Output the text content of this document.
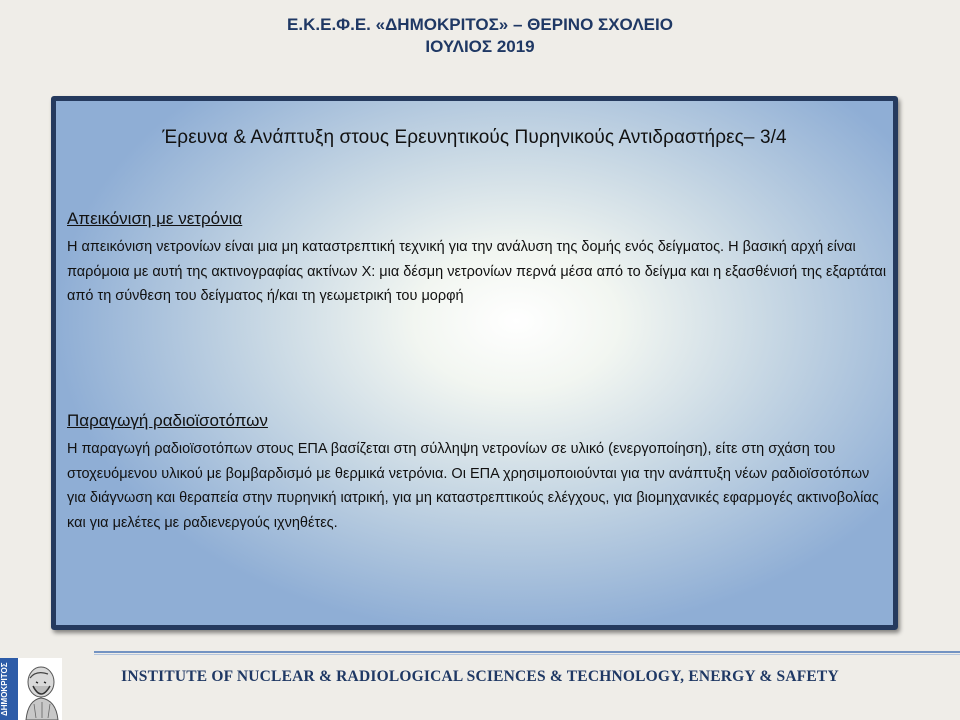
Ε.Κ.Ε.Φ.Ε. «ΔΗΜΟΚΡΙΤΟΣ» – ΘΕΡΙΝΟ ΣΧΟΛΕΙΟ
ΙΟΥΛΙΟΣ 2019
Έρευνα & Ανάπτυξη στους Ερευνητικούς Πυρηνικούς Αντιδραστήρες– 3/4
Απεικόνιση με νετρόνια

Η απεικόνιση νετρονίων είναι μια μη καταστρεπτική τεχνική για την ανάλυση της δομής ενός δείγματος. Η βασική αρχή είναι παρόμοια με αυτή της ακτινογραφίας ακτίνων Χ: μια δέσμη νετρονίων περνά μέσα από το δείγμα και η εξασθένισή της εξαρτάται από τη σύνθεση του δείγματος ή/και τη γεωμετρική του μορφή

Παραγωγή ραδιοϊσοτόπων

Η παραγωγή ραδιοϊσοτόπων στους ΕΠΑ βασίζεται στη σύλληψη νετρονίων σε υλικό (ενεργοποίηση), είτε στη σχάση του στοχευόμενου υλικού με βομβαρδισμό με θερμικά νετρόνια. Οι ΕΠΑ χρησιμοποιούνται για την ανάπτυξη νέων ραδιοϊσοτόπων για διάγνωση και θεραπεία στην πυρηνική ιατρική, για μη καταστρεπτικούς ελέγχους, για βιομηχανικές εφαρμογές ακτινοβολίας και για μελέτες με ραδιενεργούς ιχνηθέτες.

ΔΗΜΟΚΡΙΤΟΣ	INSTITUTE OF NUCLEAR & RADIOLOGICAL SCIENCES & TECHNOLOGY, ENERGY & SAFETY
